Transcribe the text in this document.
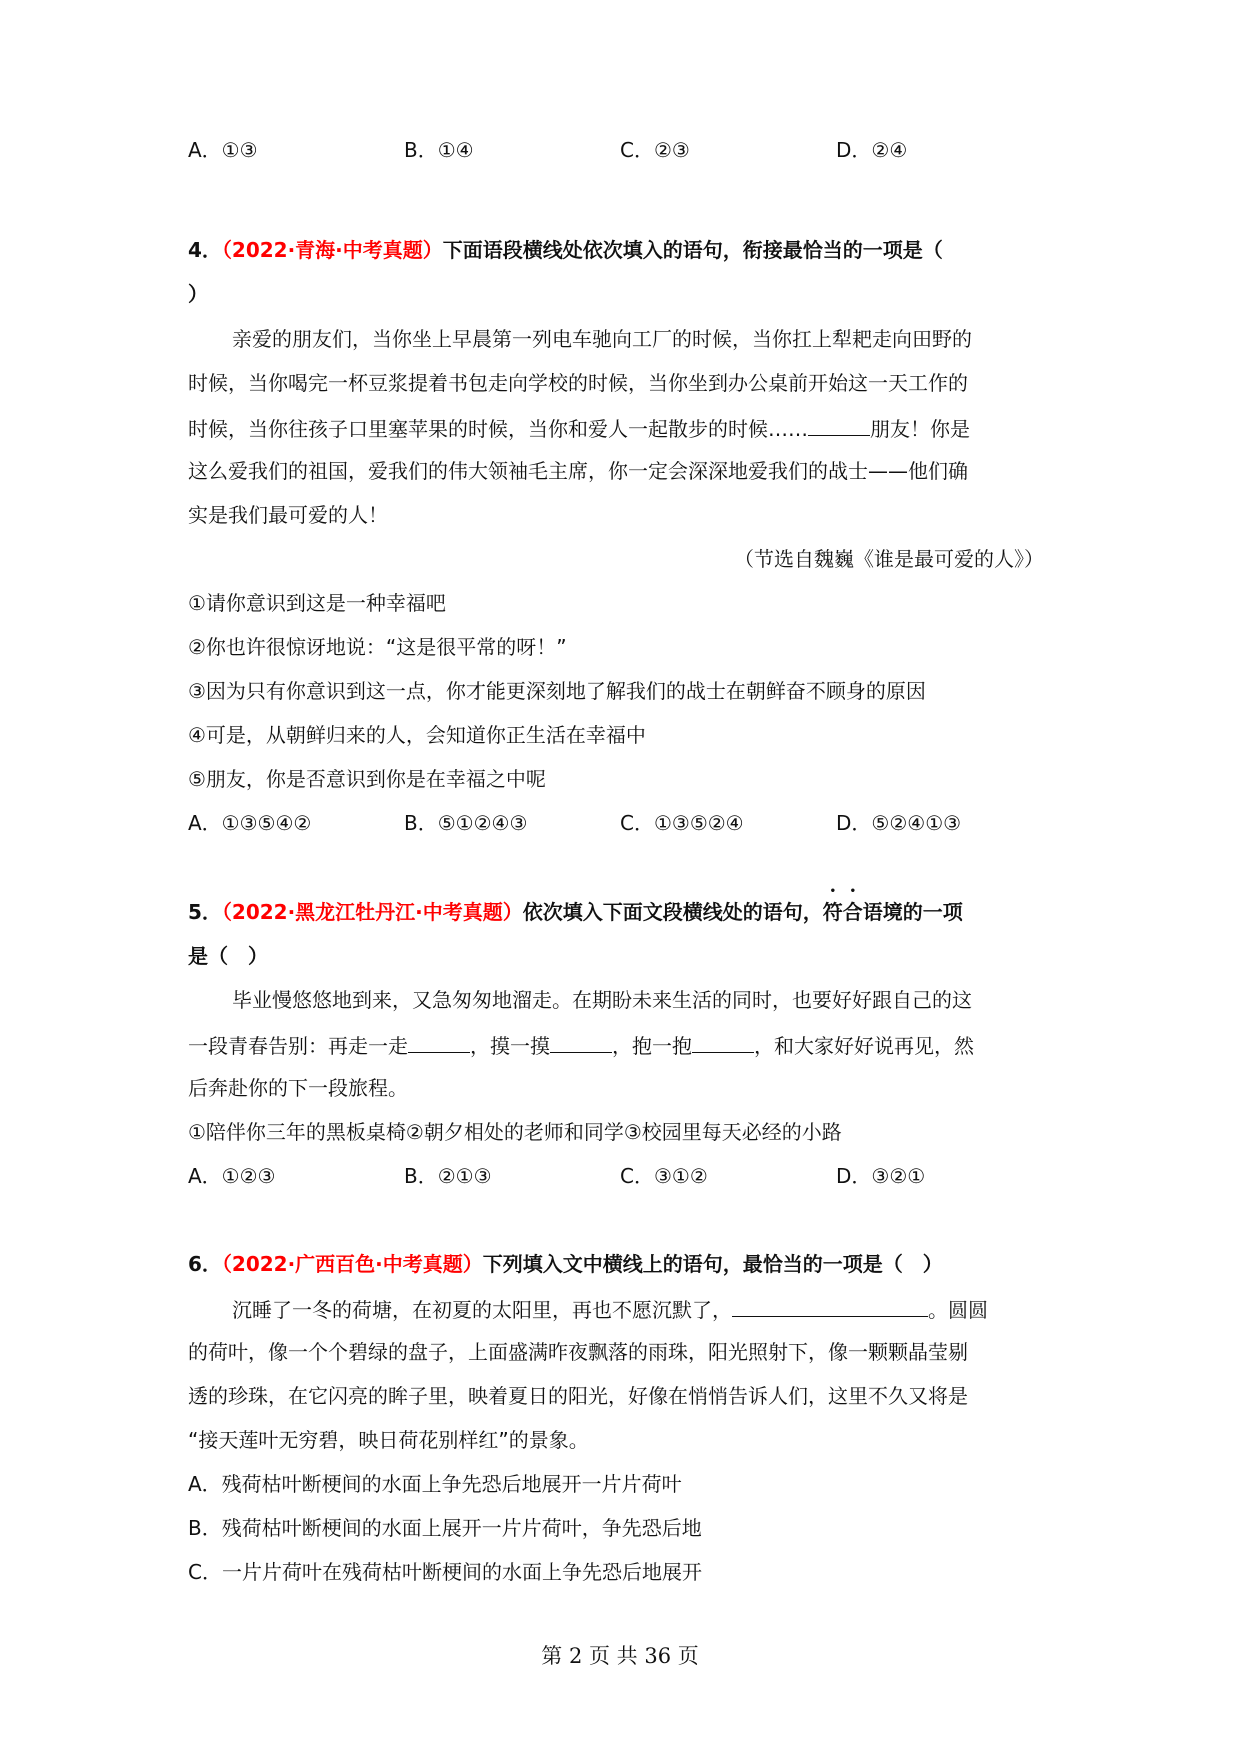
A．①③	B．①④	C．②③	D．②④
4．（2022·青海·中考真题）下面语段横线处依次填入的语句，衔接最恰当的一项是（
）
亲爱的朋友们，当你坐上早晨第一列电车驰向工厂的时候，当你扛上犁耙走向田野的
时候，当你喝完一杯豆浆提着书包走向学校的时候，当你坐到办公桌前开始这一天工作的
时候，当你往孩子口里塞苹果的时候，当你和爱人一起散步的时候……	朋友！你是
这么爱我们的祖国，爱我们的伟大领袖毛主席，你一定会深深地爱我们的战士——他们确
实是我们最可爱的人！
（节选自魏巍《谁是最可爱的人》）
①请你意识到这是一种幸福吧
②你也许很惊讶地说：“这是很平常的呀！”
③因为只有你意识到这一点，你才能更深刻地了解我们的战士在朝鲜奋不顾身的原因
④可是，从朝鲜归来的人，会知道你正生活在幸福中
⑤朋友，你是否意识到你是在幸福之中呢
A．①③⑤④②	B．⑤①②④③	C．①③⑤②④	D．⑤②④①③
5．（2022·黑龙江牡丹江·中考真题）依次填入下面文段横线处的语句，符合语境的一项
是（　）
毕业慢悠悠地到来，又急匆匆地溜走。在期盼未来生活的同时，也要好好跟自己的这
一段青春告别：再走一走	，摸一摸	，抱一抱	，和大家好好说再见，然
后奔赴你的下一段旅程。
①陪伴你三年的黑板桌椅②朝夕相处的老师和同学③校园里每天必经的小路
A．①②③	B．②①③	C．③①②	D．③②①
6．（2022·广西百色·中考真题）下列填入文中横线上的语句，最恰当的一项是（　）
沉睡了一冬的荷塘，在初夏的太阳里，再也不愿沉默了，	。圆圆
的荷叶，像一个个碧绿的盘子，上面盛满昨夜飘落的雨珠，阳光照射下，像一颗颗晶莹剔
透的珍珠，在它闪亮的眸子里，映着夏日的阳光，好像在悄悄告诉人们，这里不久又将是
“接天莲叶无穷碧，映日荷花别样红”的景象。
A．残荷枯叶断梗间的水面上争先恐后地展开一片片荷叶
B．残荷枯叶断梗间的水面上展开一片片荷叶，争先恐后地
C．一片片荷叶在残荷枯叶断梗间的水面上争先恐后地展开
第 2 页 共 36 页
